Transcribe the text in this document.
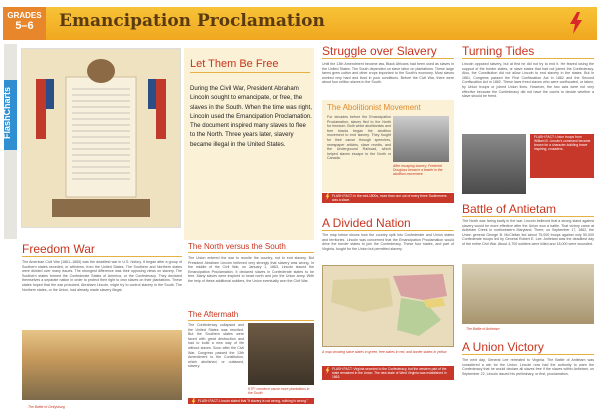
GRADES
5–6	Emancipation Proclamation
FlashCharts
Let Them Be Free
During the Civil War, President Abraham Lincoln sought to emancipate, or free, the slaves in the South. When the time was right, Lincoln used the Emancipation Proclamation. The document inspired many slaves to flee to the North. Three years later, slavery became illegal in the United States.
Freedom War
The American Civil War (1861–1865) was the deadliest war in U.S. history. It began after a group of Southern states seceded, or withdrew, from the United States. The Southern and Northern states were divided over many issues. The strongest difference was their opposing views on slavery. The Southern states formed the Confederate States of America, or the Confederacy. They declared themselves a separate nation in order to protect their right to own slaves on their plantations. These states hoped that the war provoked, Abraham Lincoln, might try to control slavery in the South. The Northern states, or the Union, had already made slavery illegal.
The Battle of Gettysburg
The North versus the South
The Union entered the war to reunite the country, not to end slavery. But President Abraham Lincoln believed very strongly that slavery was wrong. In the middle of the Civil War, on January 1, 1863, Lincoln issued the Emancipation Proclamation. It declared slaves in Confederate states to be free. Many slaves were inspired to head north and join the Union army. With the help of these additional soldiers, the Union eventually won the Civil War.
The Aftermath
The Confederacy collapsed and the United States was reunited. But the Southern states were faced with great destruction and had to build a new way of life without slaves. Soon after the Civil War, Congress passed the 13th Amendment to the Constitution, which abolished, or outlawed, slavery.
KTP: convince cause more plantations in the South
FLASH FACT: Lincoln stated that "if slavery is not wrong, nothing is wrong."
Struggle over Slavery
Until the 13th Amendment became law, Black Africans had been used as slaves in the United States. The South depended on slave labor on plantations. These large farms grew cotton and other crops important to the South's economy. Most slaves worked very hard and lived in poor conditions. Before the Civil War, there were about four million slaves in the South.
The Abolitionist Movement
For decades before the Emancipation Proclamation, slaves fled to the North for freedom. Both white abolitionists and free blacks began the abolition movement to end slavery. They fought for their cause through speeches, newspaper articles, slave revolts, and the Underground Railroad, which helped slaves escape to the North or Canada.
After escaping slavery, Frederick Douglass became a leader in the abolition movement.
FLASH FACT: In the mid-1800s, more than one out of every three Southerners was a slave.
A Divided Nation
The map below shows how the country split into Confederate and Union states and territories. Lincoln was concerned that the Emancipation Proclamation would drive the border states to join the Confederacy. These four states, and part of Virginia, fought for the Union but permitted slavery.
A map showing slave states in green, free states in red, and border states in yellow
FLASH FACT: Virginia seceded to the Confederacy, but the western part of the state remained in the Union. The new state of West Virginia was established in 1863.
Turning Tides
Lincoln opposed slavery, but at first he did not try to end it. He feared losing the support of the border states, or slave states that had not joined the Confederacy. Also, the Constitution did not allow Lincoln to end slavery in the states. But in 1861, Congress passed the First Confiscation Act in 1862 and the Second Confiscation Act in 1862. These laws freed slaves who were confiscated, or taken, by Union troops or joined Union lines. However, the two acts were not very effective because the Confederacy did not have the courts to decide whether a slave should be freed.
FLASH FACT: Union troops from William B. Lincoln's command became known for a character-building brave inspiring, crusaders.
Battle of Antietam
The North was faring badly in the war. Lincoln believed that a strong stand against slavery would be more effective after the Union won a battle. That victory came at Antietam Creek in northwestern Maryland. There, on September 17, 1862, the Union general George B. McClellan led about 75,000 troops against only 50,000 Confederate troops led by General Robert E. Lee. Antietam was the deadliest day of the entire Civil War. About 4,700 soldiers were killed and 18,000 were wounded.
The Battle of Antietam
A Union Victory
The next day, General Lee retreated to Virginia. The Battle of Antietam was considered a win for the Union. Lincoln now had the authority to warn the Confederacy that he would declare all slaves free if the slaves within Antietam, on September 22, Lincoln issued his preliminary, or first, proclamation.
